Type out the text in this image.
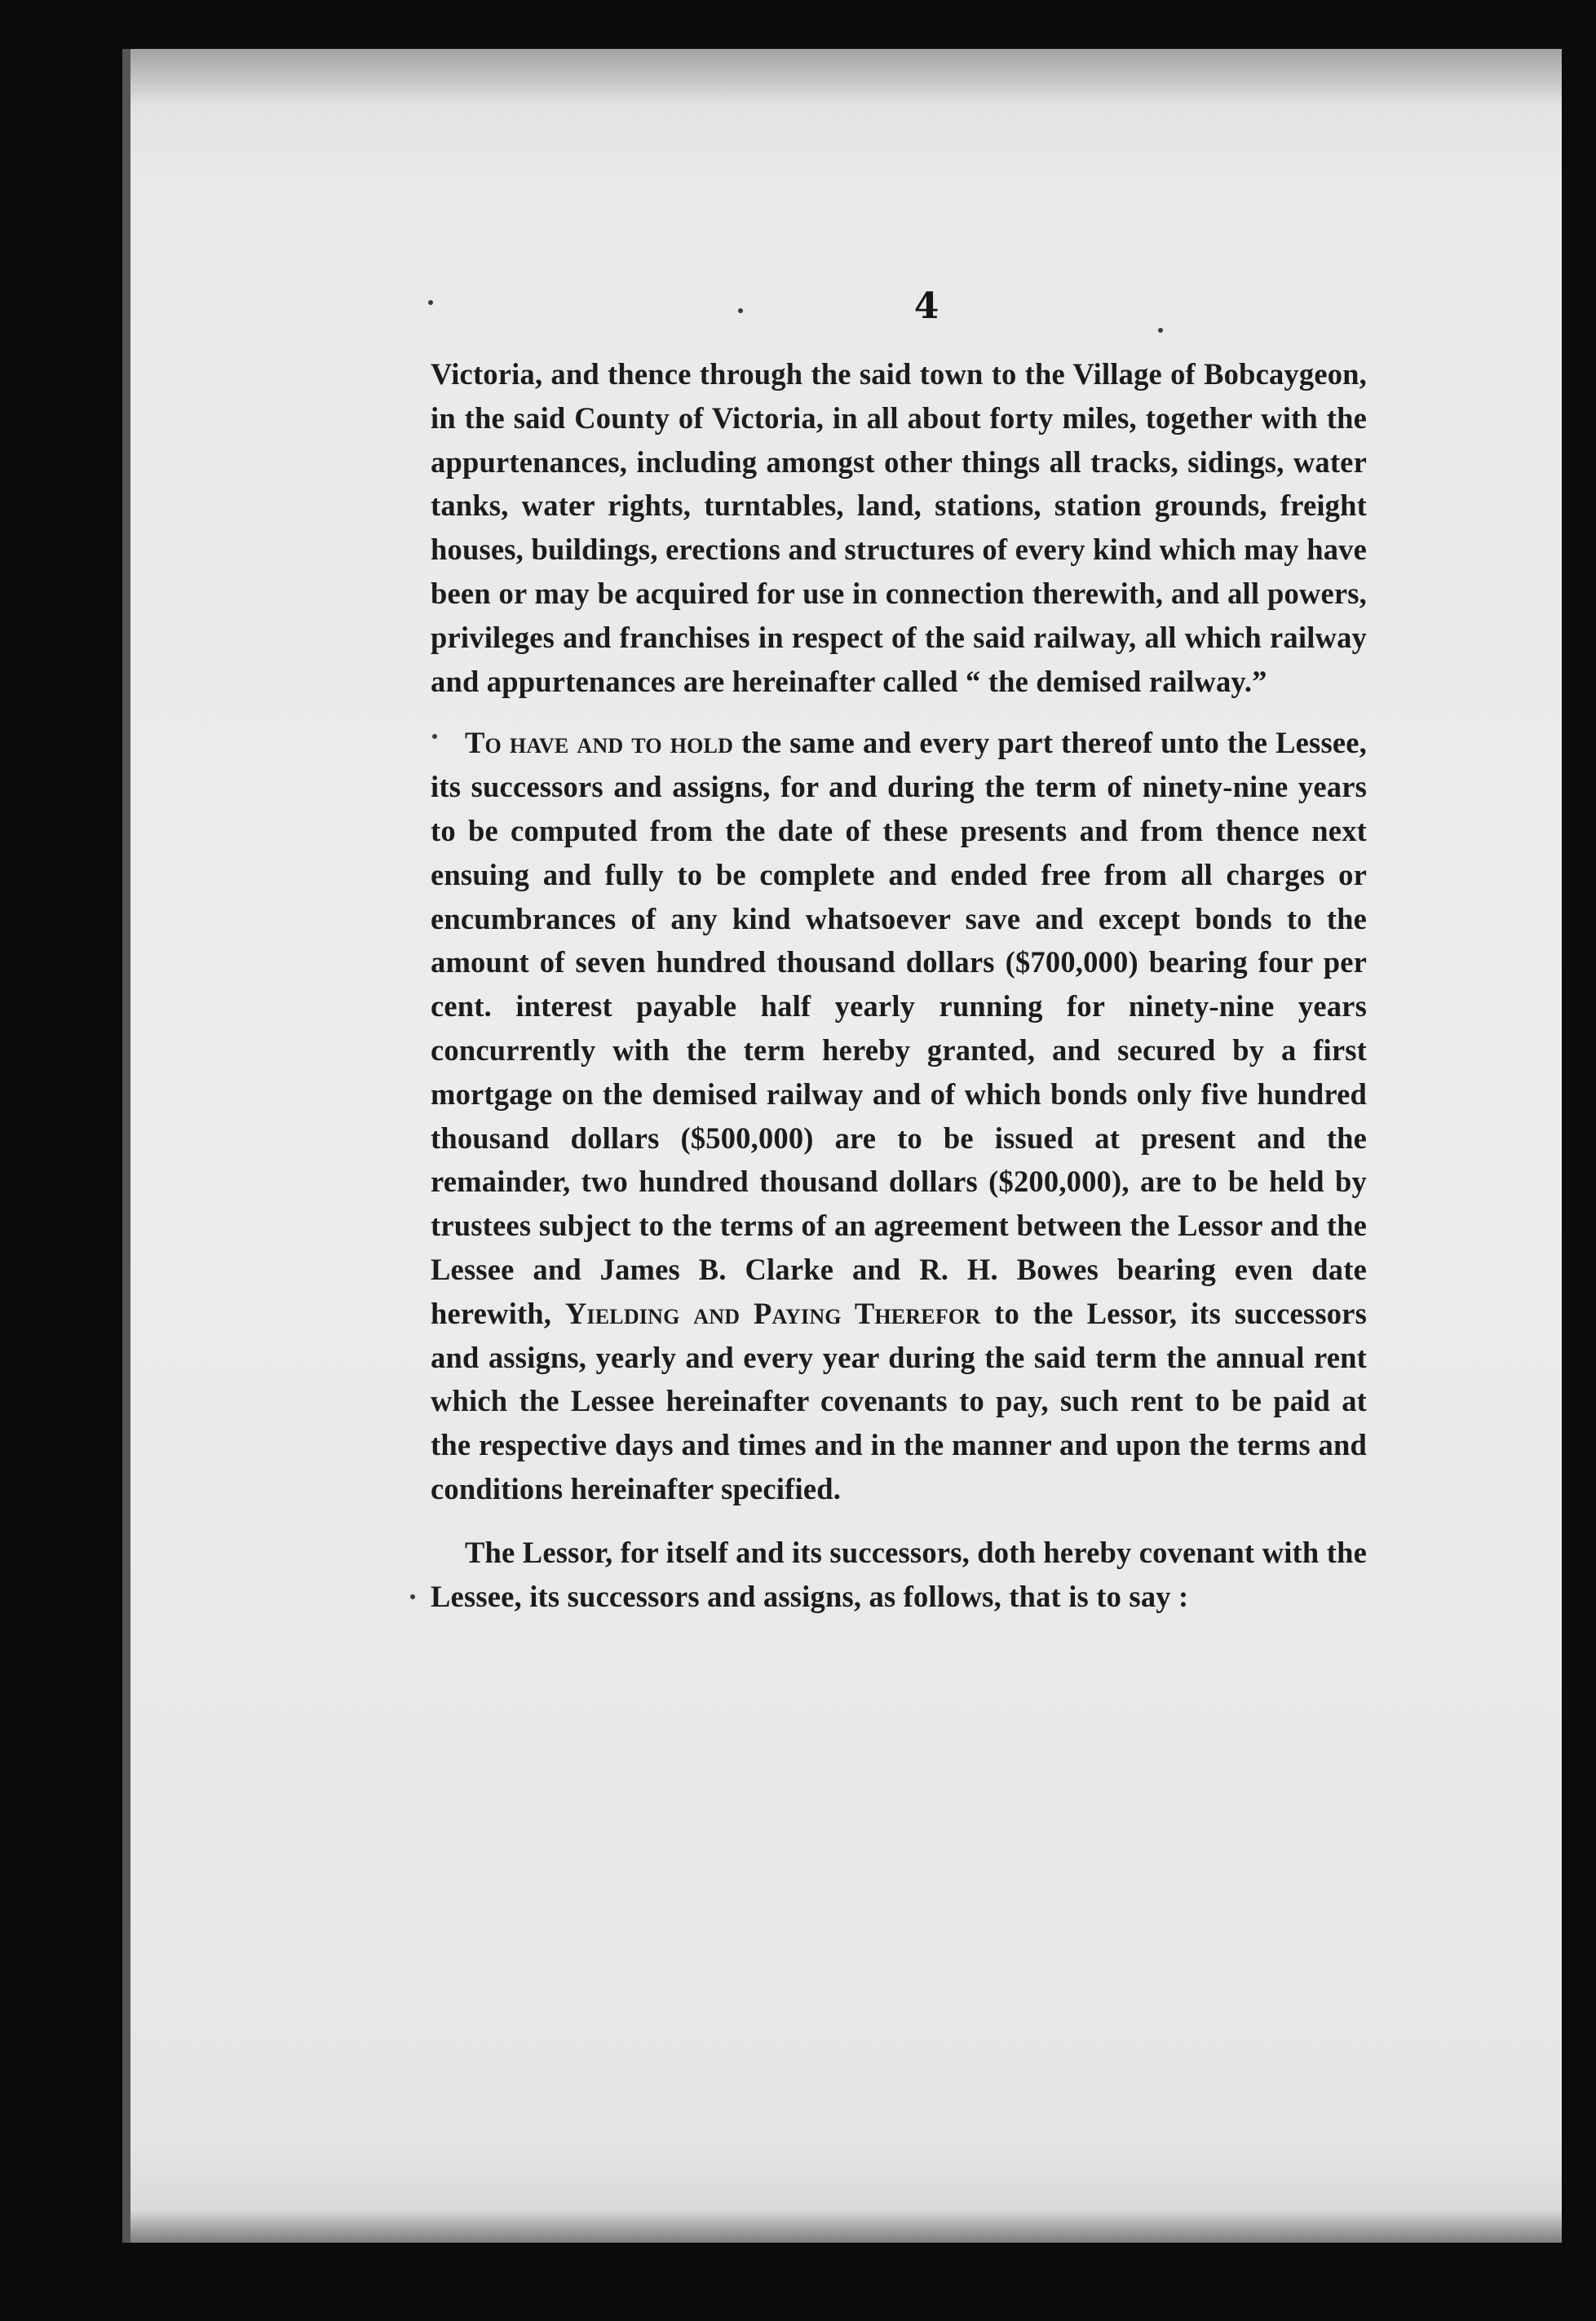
4

Victoria, and thence through the said town to the Village of Bobcaygeon, in the said County of Victoria, in all about forty miles, together with the appurtenances, including amongst other things all tracks, sidings, water tanks, water rights, turntables, land, stations, station grounds, freight houses, buildings, erections and structures of every kind which may have been or may be acquired for use in connection therewith, and all powers, privileges and franchises in respect of the said railway, all which railway and appurtenances are hereinafter called “ the demised railway.”

To have and to hold the same and every part thereof unto the Lessee, its successors and assigns, for and during the term of ninety-nine years to be computed from the date of these presents and from thence next ensuing and fully to be complete and ended free from all charges or encumbrances of any kind whatsoever save and except bonds to the amount of seven hundred thousand dollars ($700,000) bearing four per cent. interest payable half yearly running for ninety-nine years concurrently with the term hereby granted, and secured by a first mortgage on the demised railway and of which bonds only five hundred thousand dollars ($500,000) are to be issued at present and the remainder, two hundred thousand dollars ($200,000), are to be held by trustees subject to the terms of an agreement between the Lessor and the Lessee and James B. Clarke and R. H. Bowes bearing even date herewith, Yielding and Paying Therefor to the Lessor, its successors and assigns, yearly and every year during the said term the annual rent which the Lessee hereinafter covenants to pay, such rent to be paid at the respective days and times and in the manner and upon the terms and conditions hereinafter specified.

The Lessor, for itself and its successors, doth hereby covenant with the Lessee, its successors and assigns, as follows, that is to say :
